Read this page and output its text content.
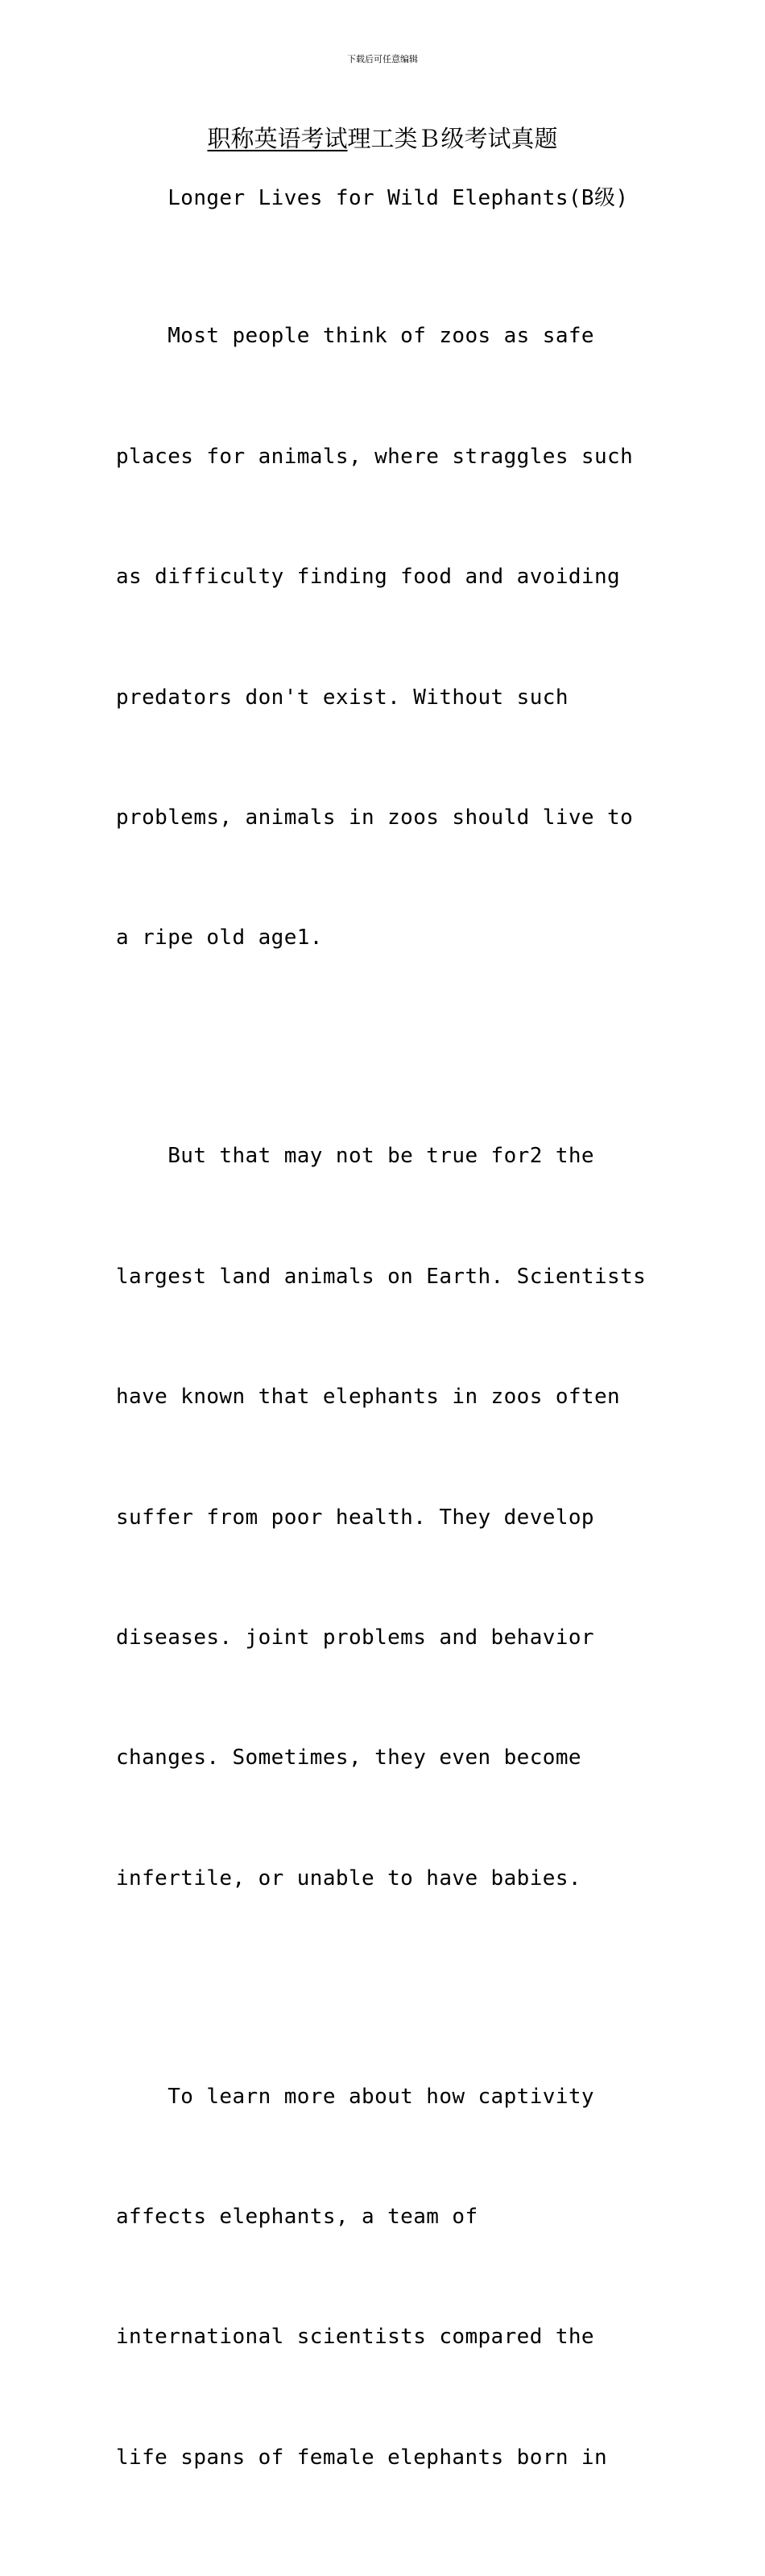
下载后可任意编辑
职称英语考试理工类Ｂ级考试真题

Longer Lives for Wild Elephants(B级)

Most people think of zoos as safe

places for animals, where straggles such

as difficulty finding food and avoiding

predators don't exist. Without such

problems, animals in zoos should live to

a ripe old age1.

But that may not be true for2 the

largest land animals on Earth. Scientists

have known that elephants in zoos often

suffer from poor health. They develop

diseases. joint problems and behavior

changes. Sometimes, they even become

infertile, or unable to have babies.

To learn more about how captivity

affects elephants, a team of

international scientists compared the

life spans of female elephants born in
